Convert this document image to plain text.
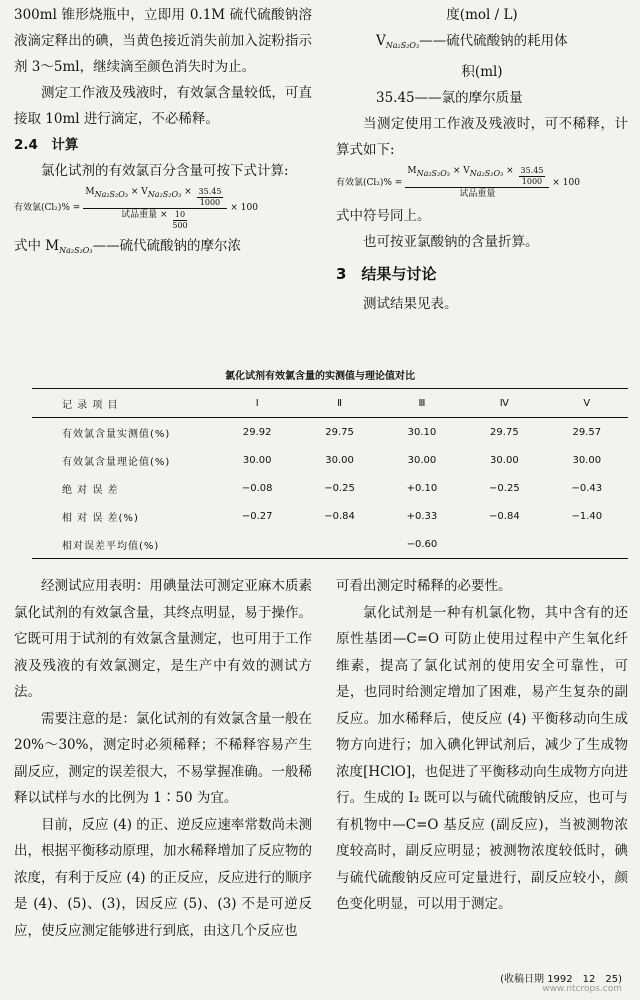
300ml 锥形烧瓶中，立即用 0.1M 硫代硫酸钠溶液滴定释出的碘，当黄色接近消失前加入淀粉指示剂 3～5ml，继续滴至颜色消失时为止。

测定工作液及残液时，有效氯含量较低，可直接取 10ml 进行滴定，不必稀释。

2.4　计算

氯化试剂的有效氯百分含量可按下式计算:

有效氯$(Cl_2)\% = \frac{MNa_2S_2O_3 \times VNa_2S_2O_3 \times \frac{35.45}{1000}}{试品重量 \times \frac{10}{500}} \times 100$

式中 $M_{Na_2S_2O_3}——$硫代硫酸钠的摩尔浓

度(mol / L)

$V_{Na_2S_2O_3}——$硫代硫酸钠的耗用体

积(ml)

35.45——氯的摩尔质量

当测定使用工作液及残液时，可不稀释，计算式如下:

有效氯$(Cl_2)\% = \frac{MNa_2S_2O_3 \times VNa_2S_2O_3 \times \frac{35.45}{1000}}{\text{试品重量}} \times 100$

式中符号同上。

也可按亚氯酸钠的含量折算。

3　结果与讨论

测试结果见表。

氯化试剂有效氯含量的实测值与理论值对比
记 录 项 目	Ⅰ	Ⅱ	Ⅲ	Ⅳ	Ⅴ
有效氯含量实测值(%)	29.92	29.75	30.10	29.75	29.57
有效氯含量理论值(%)	30.00	30.00	30.00	30.00	30.00
绝 对 误 差	−0.08	−0.25	+0.10	−0.25	−0.43
相 对 误 差(%)	−0.27	−0.84	+0.33	−0.84	−1.40
相对误差平均值(%)			−0.60		

经测试应用表明：用碘量法可测定亚麻木质素氯化试剂的有效氯含量，其终点明显，易于操作。它既可用于试剂的有效氯含量测定，也可用于工作液及残液的有效氯测定，是生产中有效的测试方法。

需要注意的是：氯化试剂的有效氯含量一般在 20%～30%，测定时必须稀释；不稀释容易产生副反应，测定的误差很大，不易掌握准确。一般稀释以试样与水的比例为 1∶50 为宜。

目前，反应 (4) 的正、逆反应速率常数尚未测出，根据平衡移动原理，加水稀释增加了反应物的浓度，有利于反应 (4) 的正反应，反应进行的顺序是 (4)、(5)、(3)，因反应 (5)、(3) 不是可逆反应，使反应测定能够进行到底，由这几个反应也

可看出测定时稀释的必要性。

氯化试剂是一种有机氯化物，其中含有的还原性基团—C=O 可防止使用过程中产生氧化纤维素，提高了氯化试剂的使用安全可靠性，可是，也同时给测定增加了困难，易产生复杂的副反应。加水稀释后，使反应 (4) 平衡移动向生成物方向进行；加入碘化钾试剂后，减少了生成物浓度[HClO]，也促进了平衡移动向生成物方向进行。生成的 I₂ 既可以与硫代硫酸钠反应，也可与有机物中—C=O 基反应 (副反应)，当被测物浓度较高时，副反应明显；被测物浓度较低时，碘与硫代硫酸钠反应可定量进行，副反应较小，颜色变化明显，可以用于测定。

(收稿日期 1992　12　25)
www.ntcrops.com
